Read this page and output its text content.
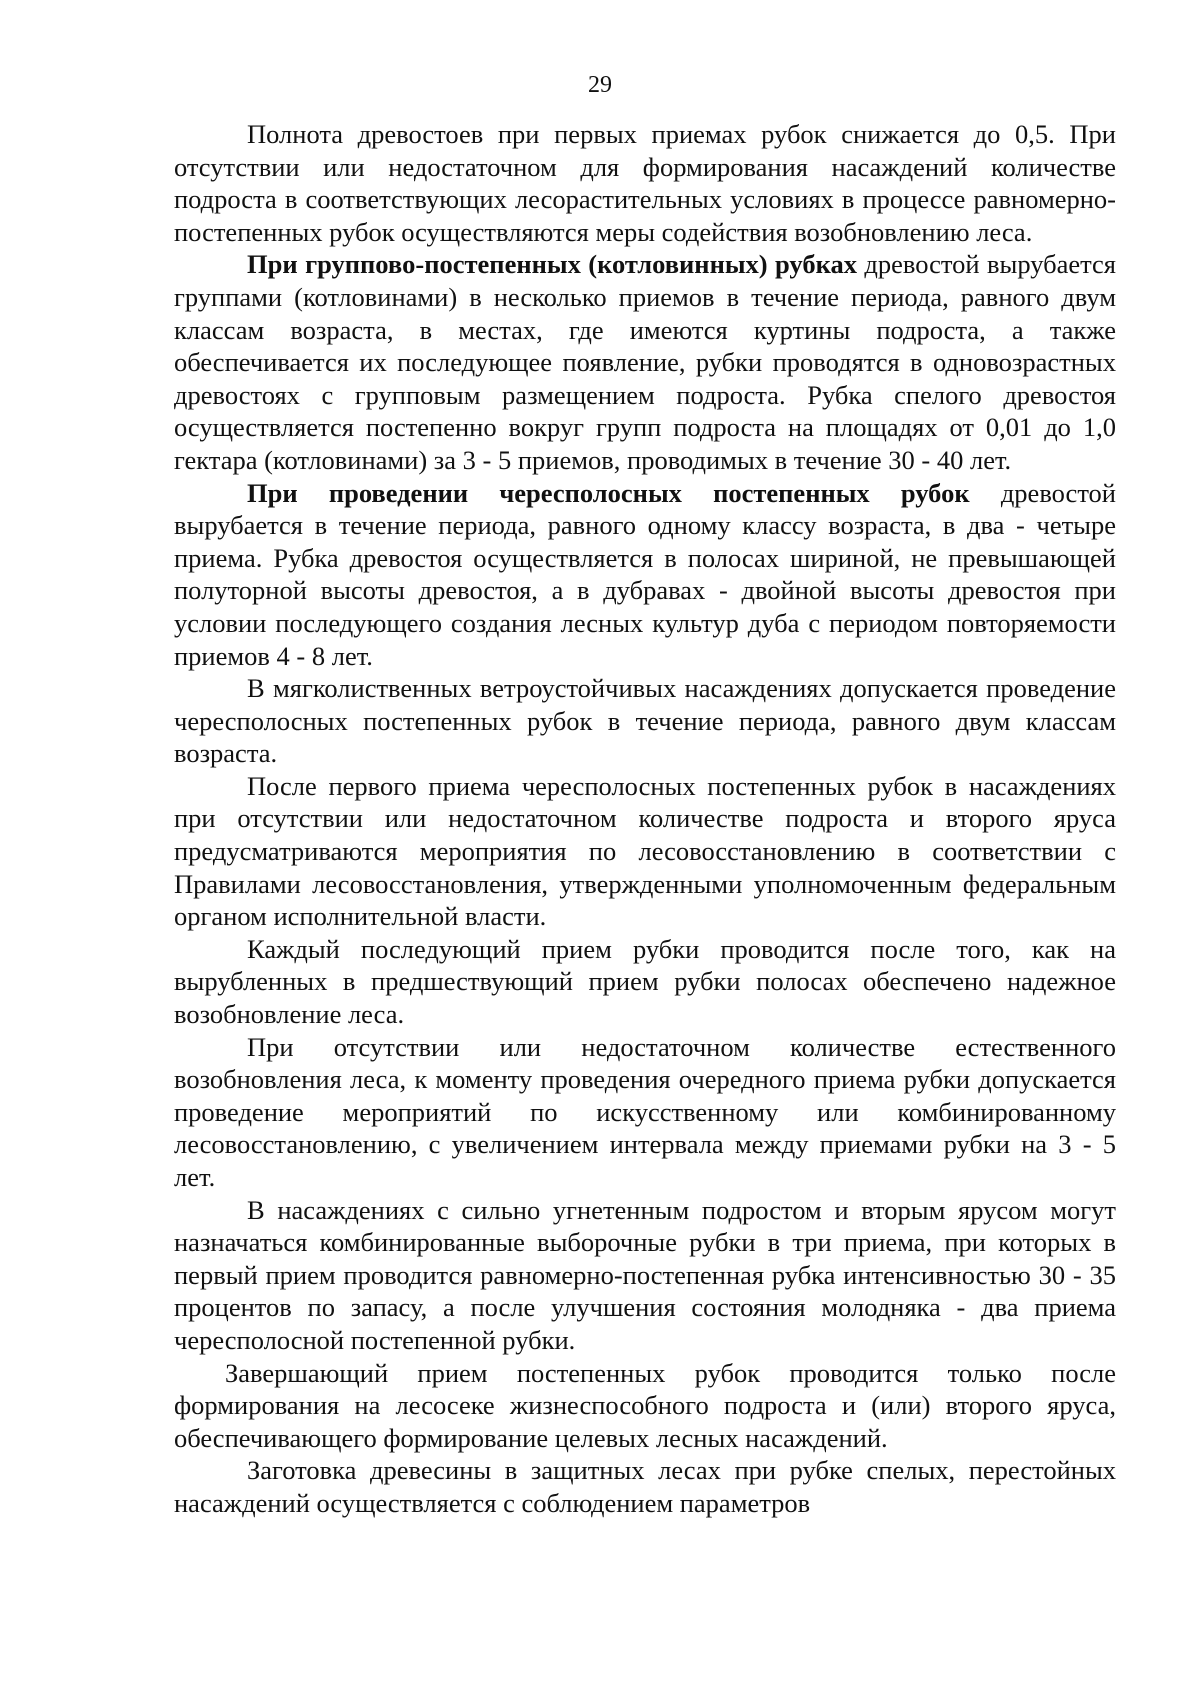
29

Полнота древостоев при первых приемах рубок снижается до 0,5. При отсутствии или недостаточном для формирования насаждений количестве подроста в соответствующих лесорастительных условиях в процессе равномерно-постепенных рубок осуществляются меры содействия возобновлению леса.

При групповo-постепенных (котловинных) рубках древостой вырубается группами (котловинами) в несколько приемов в течение периода, равного двум классам возраста, в местах, где имеются куртины подроста, а также обеспечивается их последующее появление, рубки проводятся в одновозрастных древостоях с групповым размещением подроста. Рубка спелого древостоя осуществляется постепенно вокруг групп подроста на площадях от 0,01 до 1,0 гектара (котловинами) за 3 - 5 приемов, проводимых в течение 30 - 40 лет.

При проведении чересполосных постепенных рубок древостой вырубается в течение периода, равного одному классу возраста, в два - четыре приема. Рубка древостоя осуществляется в полосах шириной, не превышающей полуторной высоты древостоя, а в дубравах - двойной высоты древостоя при условии последующего создания лесных культур дуба с периодом повторяемости приемов 4 - 8 лет.

В мягколиственных ветроустойчивых насаждениях допускается проведение чересполосных постепенных рубок в течение периода, равного двум классам возраста.

После первого приема чересполосных постепенных рубок в насаждениях при отсутствии или недостаточном количестве подроста и второго яруса предусматриваются мероприятия по лесовосстановлению в соответствии с Правилами лесовосстановления, утвержденными уполномоченным федеральным органом исполнительной власти.

Каждый последующий прием рубки проводится после того, как на вырубленных в предшествующий прием рубки полосах обеспечено надежное возобновление леса.

При отсутствии или недостаточном количестве естественного возобновления леса, к моменту проведения очередного приема рубки допускается проведение мероприятий по искусственному или комбинированному лесовосстановлению, с увеличением интервала между приемами рубки на 3 - 5 лет.

В насаждениях с сильно угнетенным подростом и вторым ярусом могут назначаться комбинированные выборочные рубки в три приема, при которых в первый прием проводится равномерно-постепенная рубка интенсивностью 30 - 35 процентов по запасу, а после улучшения состояния молодняка - два приема чересполосной постепенной рубки.

Завершающий прием постепенных рубок проводится только после формирования на лесосеке жизнеспособного подроста и (или) второго яруса, обеспечивающего формирование целевых лесных насаждений.

Заготовка древесины в защитных лесах при рубке спелых, перестойных насаждений осуществляется с соблюдением параметров
